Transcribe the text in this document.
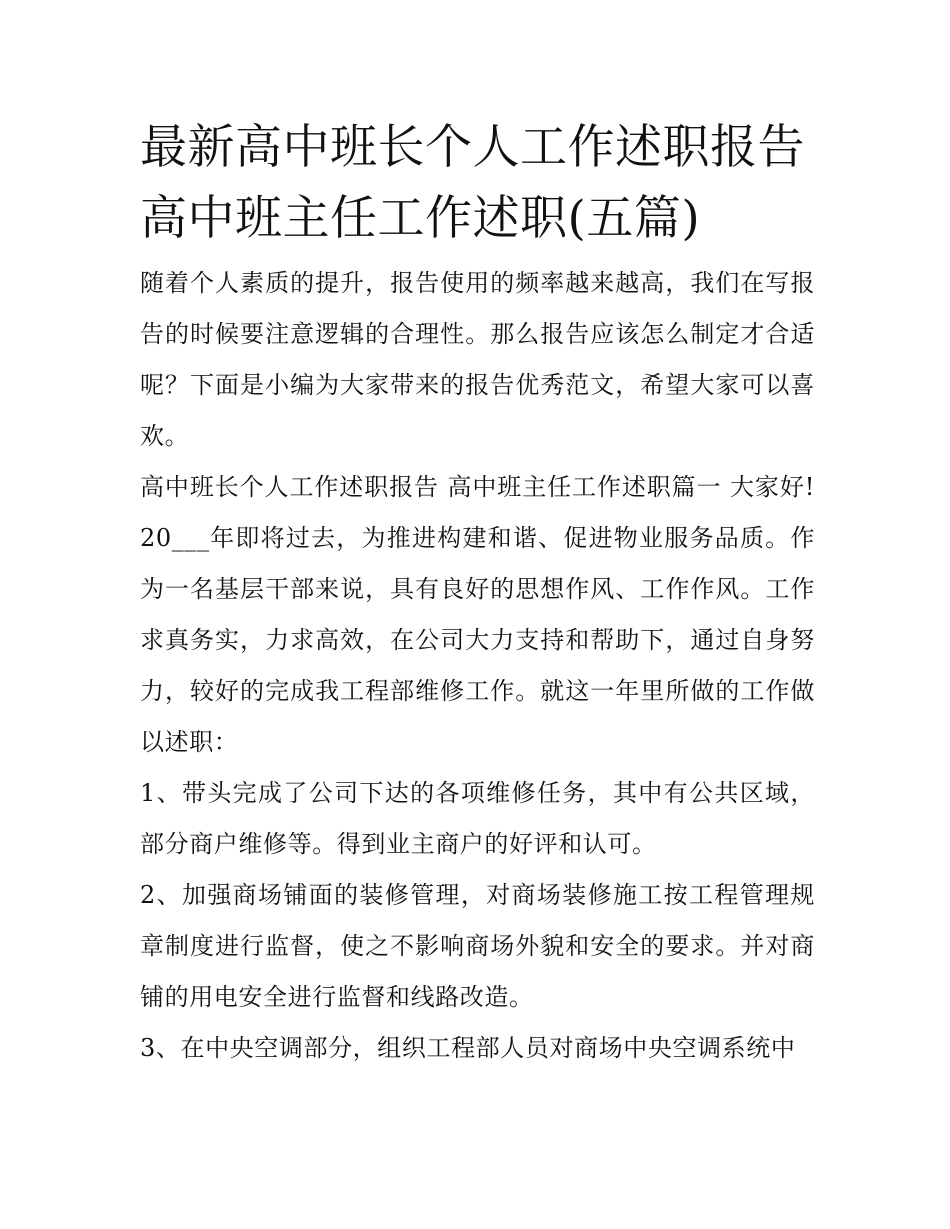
最新高中班长个人工作述职报告 高中班主任工作述职(五篇)

随着个人素质的提升，报告使用的频率越来越高，我们在写报告的时候要注意逻辑的合理性。那么报告应该怎么制定才合适呢？下面是小编为大家带来的报告优秀范文，希望大家可以喜欢。

高中班长个人工作述职报告 高中班主任工作述职篇一 大家好! 20___年即将过去，为推进构建和谐、促进物业服务品质。作为一名基层干部来说，具有良好的思想作风、工作作风。工作求真务实，力求高效，在公司大力支持和帮助下，通过自身努力，较好的完成我工程部维修工作。就这一年里所做的工作做以述职：

1、带头完成了公司下达的各项维修任务，其中有公共区域，部分商户维修等。得到业主商户的好评和认可。

2、加强商场铺面的装修管理，对商场装修施工按工程管理规章制度进行监督，使之不影响商场外貌和安全的要求。并对商铺的用电安全进行监督和线路改造。

3、在中央空调部分，组织工程部人员对商场中央空调系统中
